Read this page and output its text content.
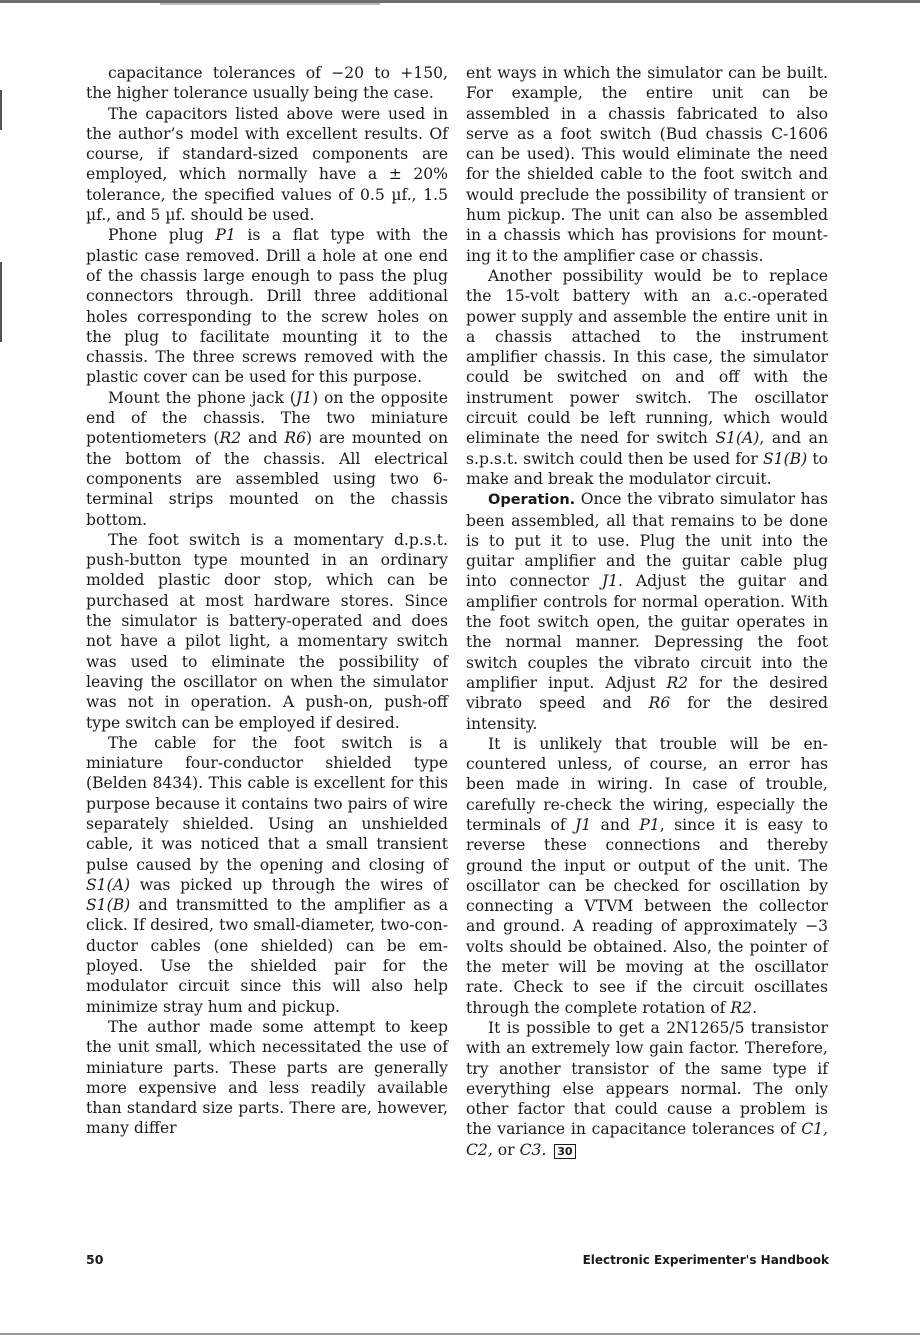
capacitance tolerances of −20 to +150, the higher tolerance usually being the case.

The capacitors listed above were used in the author’s model with excellent results. Of course, if standard-sized components are employed, which normally have a ± 20% tolerance, the specified values of 0.5 µf., 1.5 µf., and 5 µf. should be used.

Phone plug P1 is a flat type with the plastic case removed. Drill a hole at one end of the chassis large enough to pass the plug connectors through. Drill three additional holes corresponding to the screw holes on the plug to facilitate mounting it to the chassis. The three screws removed with the plastic cover can be used for this purpose.

Mount the phone jack (J1) on the opposite end of the chassis. The two miniature potentiometers (R2 and R6) are mounted on the bottom of the chassis. All electrical components are assembled using two 6-terminal strips mounted on the chassis bottom.

The foot switch is a momentary d.p.s.t. push-button type mounted in an ordinary molded plastic door stop, which can be purchased at most hardware stores. Since the simulator is battery-operated and does not have a pilot light, a momentary switch was used to eliminate the possibility of leaving the oscillator on when the simulator was not in operation. A push-on, push-off type switch can be employed if desired.

The cable for the foot switch is a miniature four-conductor shielded type (Belden 8434). This cable is excellent for this purpose because it contains two pairs of wire separately shielded. Using an unshielded cable, it was noticed that a small transient pulse caused by the opening and closing of S1(A) was picked up through the wires of S1(B) and transmitted to the amplifier as a click. If desired, two small-diameter, two-conductor cables (one shielded) can be employed. Use the shielded pair for the modulator circuit since this will also help minimize stray hum and pickup.

The author made some attempt to keep the unit small, which necessitated the use of miniature parts. These parts are generally more expensive and less readily available than standard size parts. There are, however, many differ

ent ways in which the simulator can be built. For example, the entire unit can be assembled in a chassis fabricated to also serve as a foot switch (Bud chassis C-1606 can be used). This would eliminate the need for the shielded cable to the foot switch and would preclude the possibility of transient or hum pickup. The unit can also be assembled in a chassis which has provisions for mounting it to the amplifier case or chassis.

Another possibility would be to replace the 15-volt battery with an a.c.-operated power supply and assemble the entire unit in a chassis attached to the instrument amplifier chassis. In this case, the simulator could be switched on and off with the instrument power switch. The oscillator circuit could be left running, which would eliminate the need for switch S1(A), and an s.p.s.t. switch could then be used for S1(B) to make and break the modulator circuit.

Operation. Once the vibrato simulator has been assembled, all that remains to be done is to put it to use. Plug the unit into the guitar amplifier and the guitar cable plug into connector J1. Adjust the guitar and amplifier controls for normal operation. With the foot switch open, the guitar operates in the normal manner. Depressing the foot switch couples the vibrato circuit into the amplifier input. Adjust R2 for the desired vibrato speed and R6 for the desired intensity.

It is unlikely that trouble will be encountered unless, of course, an error has been made in wiring. In case of trouble, carefully re-check the wiring, especially the terminals of J1 and P1, since it is easy to reverse these connections and thereby ground the input or output of the unit. The oscillator can be checked for oscillation by connecting a VTVM between the collector and ground. A reading of approximately −3 volts should be obtained. Also, the pointer of the meter will be moving at the oscillator rate. Check to see if the circuit oscillates through the complete rotation of R2.

It is possible to get a 2N1265/5 transistor with an extremely low gain factor. Therefore, try another transistor of the same type if everything else appears normal. The only other factor that could cause a problem is the variance in capacitance tolerances of C1, C2, or C3.  30

50	Electronic Experimenter's Handbook
